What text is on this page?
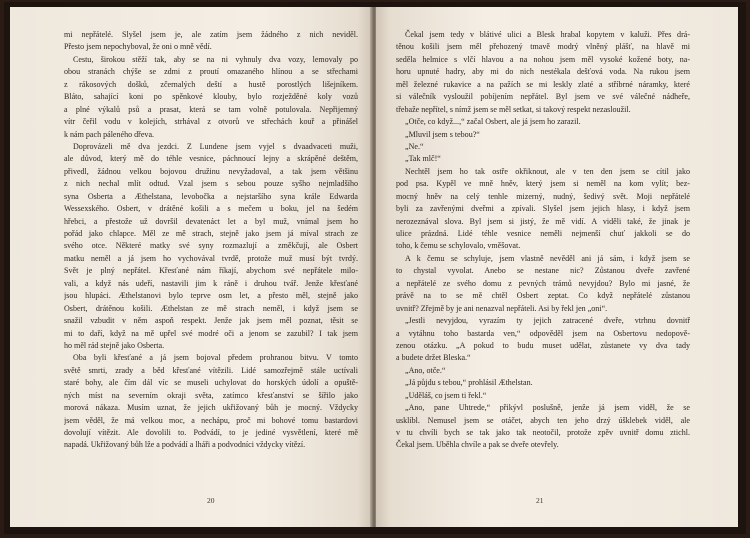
mi nepřátelé. Slyšel jsem je, ale zatím jsem žádného z nich neviděl.
Přesto jsem nepochyboval, že oni o mně vědí.
Cestu, širokou stěží tak, aby se na ni vyhnuly dva vozy, lemovaly po
obou stranách chýše se zdmi z proutí omazaného hlínou a se střechami
z rákosových došků, zčernalých deští a hustě porostlých lišejníkem.
Bláto, sahající koni po spěnkové klouby, bylo rozježděné koly vozů
a plné výkalů psů a prasat, která se tam volně potulovala. Nepřijemný
vítr čeřil vodu v kolejích, strhával z otvorů ve střechách kouř a přinášel
k nám pach páleného dřeva.
Doprovázeli mě dva jezdci. Z Lundene jsem vyjel s dvaadvaceti muži,
ale důvod, který mě do téhle vesnice, páchnoucí lejny a skrápěné deštěm,
přivedl, žádnou velkou bojovou družinu nevyžadoval, a tak jsem většinu
z nich nechal mlít odtud. Vzal jsem s sebou pouze syšho nejmladšího
syna Osberta a Æthelstana, levobočka a nejstaršího syna krále Edwarda
Wessexského. Osbert, v drátěné košili a s mečem u boku, jel na šedém
hřebci, a přestože už dovršil devatenáct let a byl muž, vnímal jsem ho
pořád jako chlapce. Měl ze mě strach, stejně jako jsem já míval strach ze
svého otce. Některé matky své syny rozmazlují a změkčují, ale Osbert
matku neměl a já jsem ho vychovával tvrdě, protože muž musí být tvrdý.
Svět je plný nepřátel. Křesťané nám říkají, abychom své nepřátele milo-
vali, a když nás udeří, nastavili jim k ráně i druhou tvář. Jenže křesťané
jsou hlupáci. Æthelstanovi bylo teprve osm let, a přesto měl, stejně jako
Osbert, drátěnou košili. Æthelstan ze mě strach neměl, i když jsem se
snažil vzbudit v něm aspoň respekt. Jenže jak jsem měl poznat, těsit se
mi to daří, když na mě upřel své modré oči a jenom se zazubil? I tak jsem
ho měl rád stejně jako Osberta.
Oba byli křesťané a já jsem bojoval předem prohranou bitvu. V tomto
světě smrti, zrady a běd křesťané vítězili. Lidé samozřejmě stále uctívali
staré bohy, ale čím dál víc se museli uchylovat do horských údolí a opuště-
ných míst na severním okraji světa, zatímco křesťanství se šířilo jako
morová nákaza. Musím uznat, že jejich ukřižovaný bůh je mocný. Vždycky
jsem věděl, že má velkou moc, a nechápu, proč mi bohové tomu bastardovi
dovolují vítězit. Ale dovolili to. Podvádí, to je jediné vysvětlení, které mě
napadá. Ukřižovaný bůh lže a podvádí a lháři a podvodníci vždycky vítězí.
20
Čekal jsem tedy v blátivé ulici a Blesk hrabal kopytem v kaluži. Přes drá-
těnou košili jsem měl přehozený tmavě modrý vlněný plášť, na hlavě mi
seděla helmice s vlčí hlavou a na nohou jsem měl vysoké kožené boty, na-
horu upnuté hadry, aby mi do nich nestékala dešťová voda. Na rukou jsem
měl železné rukavice a na pažích se mi leskly zlaté a stříbrné náramky, které
si válečník vysloužil pobíjením nepřátel. Byl jsem ve své válečné nádheře,
třebaže nepřítel, s nímž jsem se měl setkat, si takový respekt nezasloužil.
„Otče, co když...,“ začal Osbert, ale já jsem ho zarazil.
„Mluvil jsem s tebou?“
„Ne.“
„Tak mlč!“
Nechtěl jsem ho tak ostře okřiknout, ale v ten den jsem se cítil jako
pod psa. Kypěl ve mně hněv, který jsem si neměl na kom vylít; bez-
mocný hněv na celý tenhle mizerný, nudný, šedivý svět. Moji nepřátelé
byli za zavřenými dveřmi a zpívali. Slyšel jsem jejich hlasy, i když jsem
nerozeznával slova. Byl jsem si jistý, že mě vidí. A viděli také, že jinak je
ulice prázdná. Lidé téhle vesnice neměli nejmenší chuť jakkoli se do
toho, k čemu se schylovalo, vměšovat.
A k čemu se schyluje, jsem vlastně nevěděl ani já sám, i když jsem se
to chystal vyvolat. Anebo se nestane nic? Zůstanou dveře zavřené
a nepřátelé ze svého domu z pevných trámů nevyjdou? Bylo mi jasné, že
právě na to se mě chtěl Osbert zeptat. Co když nepřátelé zůstanou
uvnitř? Zřejmě by je ani nenazval nepřáteli. Asi by řekl jen „oni“.
„Jestli nevyjdou, vyrazím ty jejich zatracené dveře, vtrhnu dovnitř
a vytáhnu toho bastarda ven,“ odpověděl jsem na Osbertovu nedopově-
zenou otázku. „A pokud to budu muset udělat, zůstanete vy dva tady
a budete držet Bleska.“
„Ano, otče.“
„Já půjdu s tebou,“ prohlásil Æthelstan.
„Uděláš, co jsem ti řekl.“
„Ano, pane Uhtrede,“ přikývl poslušně, jenže já jsem viděl, že se
usklíbl. Nemusel jsem se otáčet, abych ten jeho drzý úšklebek viděl, ale
v tu chvíli bych se tak jako tak neotočil, protože zpěv uvnitř domu ztichl.
Čekal jsem. Uběhla chvíle a pak se dveře otevřely.
21
